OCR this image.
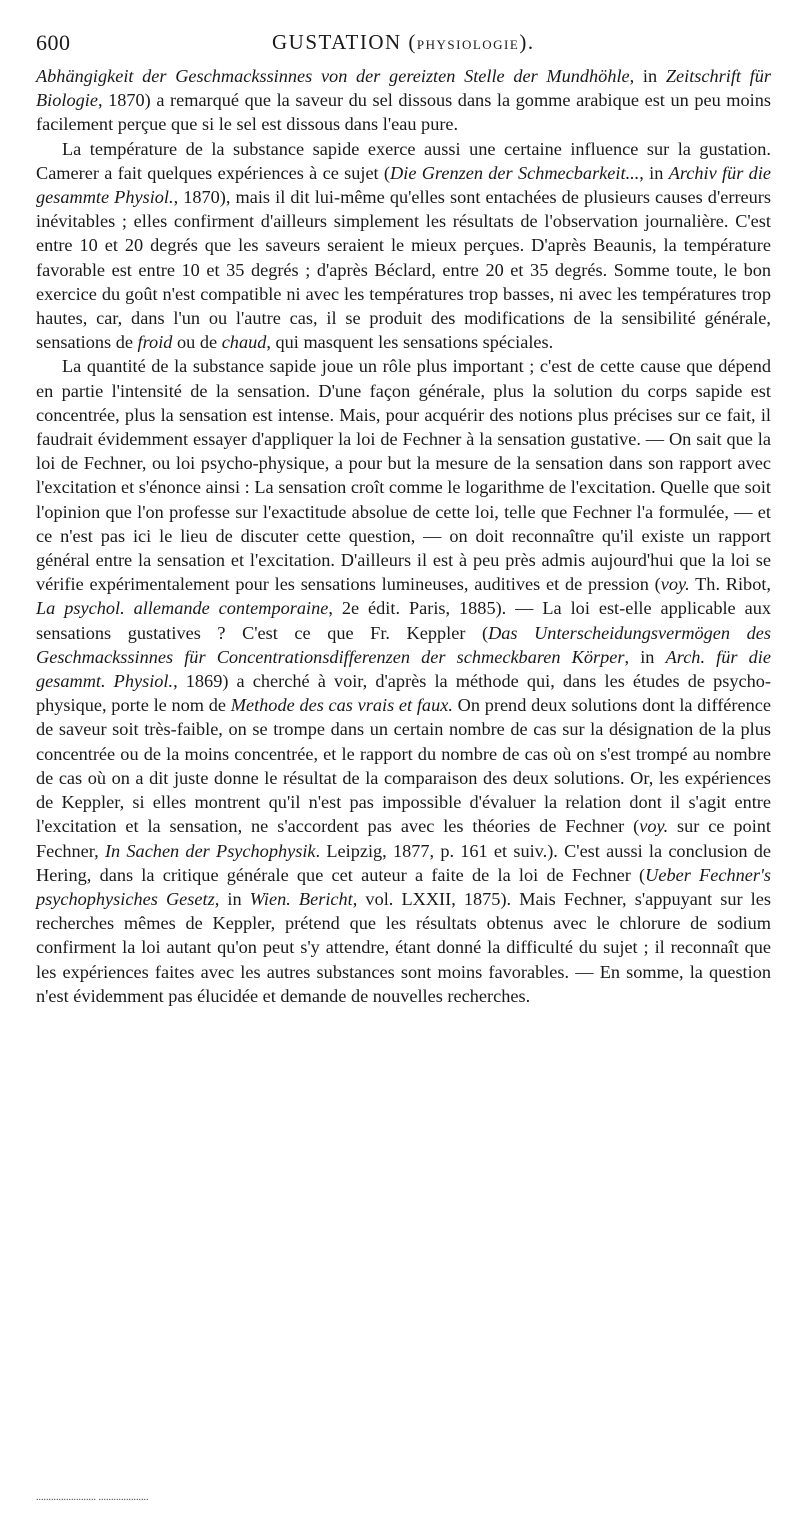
600	GUSTATION (PHYSIOLOGIE).

Abhängigkeit der Geschmackssinnes von der gereizten Stelle der Mundhöhle, in Zeitschrift für Biologie, 1870) a remarqué que la saveur du sel dissous dans la gomme arabique est un peu moins facilement perçue que si le sel est dissous dans l'eau pure.

La température de la substance sapide exerce aussi une certaine influence sur la gustation. Camerer a fait quelques expériences à ce sujet (Die Grenzen der Schmecbarkeit..., in Archiv für die gesammte Physiol., 1870), mais il dit lui-même qu'elles sont entachées de plusieurs causes d'erreurs inévitables ; elles confirment d'ailleurs simplement les résultats de l'observation journalière. C'est entre 10 et 20 degrés que les saveurs seraient le mieux perçues. D'après Beaunis, la température favorable est entre 10 et 35 degrés ; d'après Béclard, entre 20 et 35 degrés. Somme toute, le bon exercice du goût n'est compatible ni avec les températures trop basses, ni avec les températures trop hautes, car, dans l'un ou l'autre cas, il se produit des modifications de la sensibilité générale, sensations de froid ou de chaud, qui masquent les sensations spéciales.

La quantité de la substance sapide joue un rôle plus important ; c'est de cette cause que dépend en partie l'intensité de la sensation. D'une façon générale, plus la solution du corps sapide est concentrée, plus la sensation est intense. Mais, pour acquérir des notions plus précises sur ce fait, il faudrait évidemment essayer d'appliquer la loi de Fechner à la sensation gustative. — On sait que la loi de Fechner, ou loi psycho-physique, a pour but la mesure de la sensation dans son rapport avec l'excitation et s'énonce ainsi : La sensation croît comme le logarithme de l'excitation. Quelle que soit l'opinion que l'on professe sur l'exactitude absolue de cette loi, telle que Fechner l'a formulée, — et ce n'est pas ici le lieu de discuter cette question, — on doit reconnaître qu'il existe un rapport général entre la sensation et l'excitation. D'ailleurs il est à peu près admis aujourd'hui que la loi se vérifie expérimentalement pour les sensations lumineuses, auditives et de pression (voy. Th. Ribot, La psychol. allemande contemporaine, 2e édit. Paris, 1885). — La loi est-elle applicable aux sensations gustatives ? C'est ce que Fr. Keppler (Das Unterscheidungsvermögen des Geschmackssinnes für Concentrationsdifferenzen der schmeckbaren Körper, in Arch. für die gesammt. Physiol., 1869) a cherché à voir, d'après la méthode qui, dans les études de psycho-physique, porte le nom de Methode des cas vrais et faux. On prend deux solutions dont la différence de saveur soit très-faible, on se trompe dans un certain nombre de cas sur la désignation de la plus concentrée ou de la moins concentrée, et le rapport du nombre de cas où on s'est trompé au nombre de cas où on a dit juste donne le résultat de la comparaison des deux solutions. Or, les expériences de Keppler, si elles montrent qu'il n'est pas impossible d'évaluer la relation dont il s'agit entre l'excitation et la sensation, ne s'accordent pas avec les théories de Fechner (voy. sur ce point Fechner, In Sachen der Psychophysik. Leipzig, 1877, p. 161 et suiv.). C'est aussi la conclusion de Hering, dans la critique générale que cet auteur a faite de la loi de Fechner (Ueber Fechner's psychophysiches Gesetz, in Wien. Bericht, vol. LXXII, 1875). Mais Fechner, s'appuyant sur les recherches mêmes de Keppler, prétend que les résultats obtenus avec le chlorure de sodium confirment la loi autant qu'on peut s'y attendre, étant donné la difficulté du sujet ; il reconnaît que les expériences faites avec les autres substances sont moins favorables. — En somme, la question n'est évidemment pas élucidée et demande de nouvelles recherches.

........................ ....................
